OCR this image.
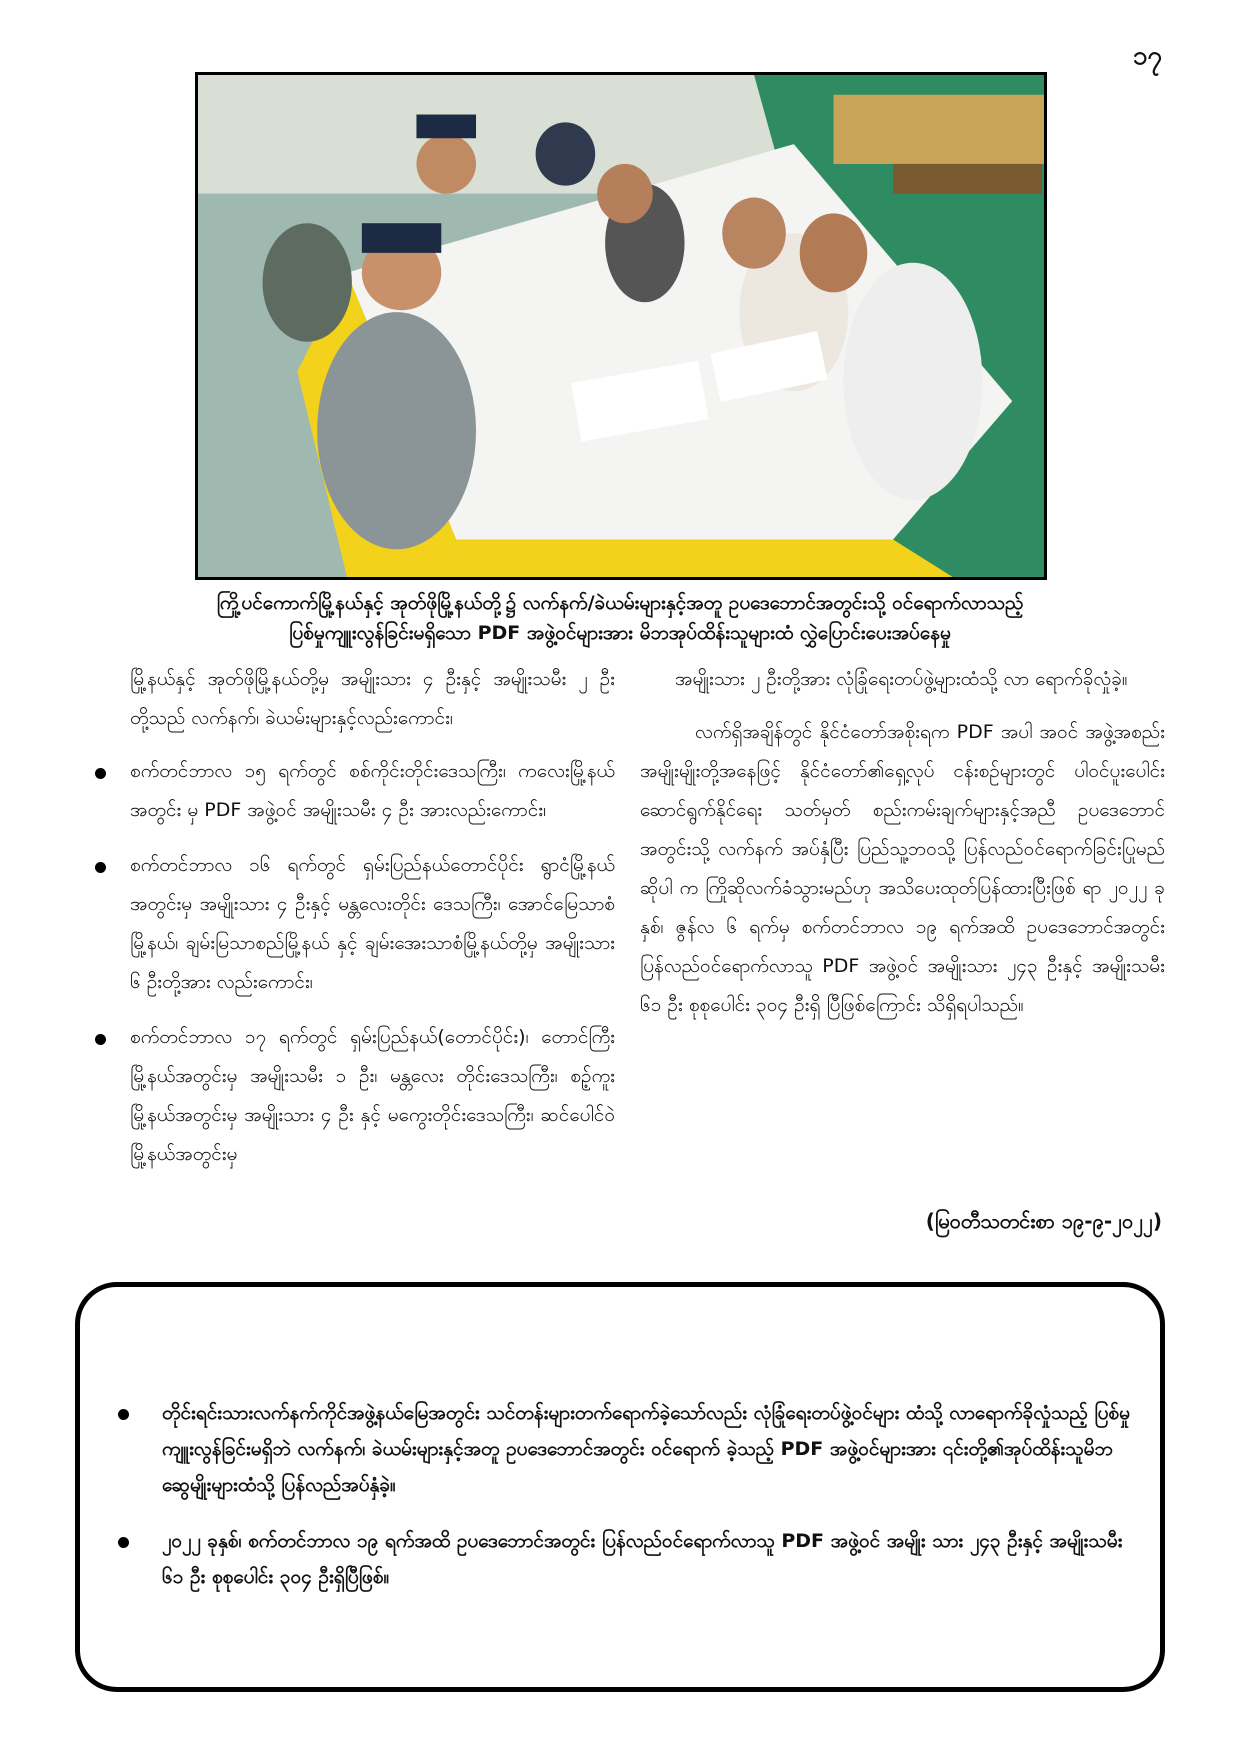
၁၇
ကြို့ပင်ကောက်မြို့နယ်နှင့် အုတ်ဖိုမြို့နယ်တို့၌ လက်နက်/ခဲယမ်းများနှင့်အတူ ဥပဒေဘောင်အတွင်းသို့ ဝင်ရောက်လာသည့်
ပြစ်မှုကျူးလွန်ခြင်းမရှိသော PDF အဖွဲ့ဝင်များအား မိဘအုပ်ထိန်းသူများထံ လွှဲပြောင်းပေးအပ်နေမှု

မြို့နယ်နှင့် အုတ်ဖိုမြို့နယ်တို့မှ အမျိုးသား ၄ ဦးနှင့် အမျိုးသမီး ၂ ဦးတို့သည် လက်နက်၊ ခဲယမ်းများနှင့်လည်းကောင်း၊

စက်တင်ဘာလ ၁၅ ရက်တွင် စစ်ကိုင်းတိုင်းဒေသကြီး၊ ကလေးမြို့နယ်အတွင်း မှ PDF အဖွဲ့ဝင် အမျိုးသမီး ၄ ဦး အားလည်းကောင်း၊
စက်တင်ဘာလ ၁၆ ရက်တွင် ရှမ်းပြည်နယ်တောင်ပိုင်း ရွာငံမြို့နယ်အတွင်းမှ အမျိုးသား ၄ ဦးနှင့် မန္တလေးတိုင်း ဒေသကြီး၊ အောင်မြေသာစံမြို့နယ်၊ ချမ်းမြသာစည်မြို့နယ် နှင့် ချမ်းအေးသာစံမြို့နယ်တို့မှ အမျိုးသား ၆ ဦးတို့အား လည်းကောင်း၊
စက်တင်ဘာလ ၁၇ ရက်တွင် ရှမ်းပြည်နယ်(တောင်ပိုင်း)၊ တောင်ကြီးမြို့နယ်အတွင်းမှ အမျိုးသမီး ၁ ဦး၊ မန္တလေး တိုင်းဒေသကြီး၊ စဉ့်ကူးမြို့နယ်အတွင်းမှ အမျိုးသား ၄ ဦး နှင့် မကွေးတိုင်းဒေသကြီး၊ ဆင်ပေါင်ဝဲမြို့နယ်အတွင်းမှ

အမျိုးသား ၂ ဦးတို့အား လုံခြုံရေးတပ်ဖွဲ့များထံသို့ လာ ရောက်ခိုလှုံခဲ့။

လက်ရှိအချိန်တွင် နိုင်ငံတော်အစိုးရက PDF အပါ အဝင် အဖွဲ့အစည်းအမျိုးမျိုးတို့အနေဖြင့် နိုင်ငံတော်၏ရှေ့လုပ် ငန်းစဉ်များတွင် ပါဝင်ပူးပေါင်းဆောင်ရွက်နိုင်ရေး သတ်မှတ် စည်းကမ်းချက်များနှင့်အညီ ဥပဒေဘောင်အတွင်းသို့ လက်နက် အပ်နှံပြီး ပြည်သူ့ဘဝသို့ ပြန်လည်ဝင်ရောက်ခြင်းပြုမည်ဆိုပါ က ကြိုဆိုလက်ခံသွားမည်ဟု အသိပေးထုတ်ပြန်ထားပြီးဖြစ် ရာ ၂၀၂၂ ခုနှစ်၊ ဇွန်လ ၆ ရက်မှ စက်တင်ဘာလ ၁၉ ရက်အထိ ဥပဒေဘောင်အတွင်း ပြန်လည်ဝင်ရောက်လာသူ PDF အဖွဲ့ဝင် အမျိုးသား ၂၄၃ ဦးနှင့် အမျိုးသမီး ၆၁ ဦး စုစုပေါင်း ၃၀၄ ဦးရှိ ပြီဖြစ်ကြောင်း သိရှိရပါသည်။

(မြဝတီသတင်းစာ ၁၉-၉-၂၀၂၂)
တိုင်းရင်းသားလက်နက်ကိုင်အဖွဲ့နယ်မြေအတွင်း သင်တန်းများတက်ရောက်ခဲ့သော်လည်း လုံခြုံရေးတပ်ဖွဲ့ဝင်များ ထံသို့ လာရောက်ခိုလှုံသည့် ပြစ်မှုကျူးလွန်ခြင်းမရှိဘဲ လက်နက်၊ ခဲယမ်းများနှင့်အတူ ဥပဒေဘောင်အတွင်း ဝင်ရောက် ခဲ့သည့် PDF အဖွဲ့ဝင်များအား ၎င်းတို့၏အုပ်ထိန်းသူမိဘဆွေမျိုးများထံသို့ ပြန်လည်အပ်နှံခဲ့။
၂၀၂၂ ခုနှစ်၊ စက်တင်ဘာလ ၁၉ ရက်အထိ ဥပဒေဘောင်အတွင်း ပြန်လည်ဝင်ရောက်လာသူ PDF အဖွဲ့ဝင် အမျိုး သား ၂၄၃ ဦးနှင့် အမျိုးသမီး ၆၁ ဦး စုစုပေါင်း ၃၀၄ ဦးရှိပြီဖြစ်။
